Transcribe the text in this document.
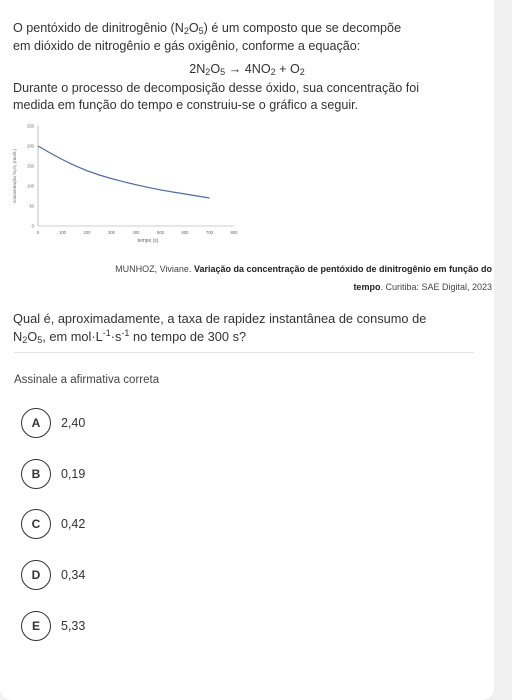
O pentóxido de dinitrogênio $(N_2O_5)$ é um composto que se decompõe
em dióxido de nitrogênio e gás oxigênio, conforme a equação:
$2N_2O_5 \to 4NO_2 + O_2$
Durante o processo de decomposição desse óxido, sua concentração foi
medida em função do tempo e construiu-se o gráfico a seguir.
0	100	200	300	400	500	600	700	800
0
50
100
150
200
250
tempo (s)
concentração N₂O₅ (mol/L)
MUNHOZ, Viviane. Variação da concentração de pentóxido de dinitrogênio em função do
tempo. Curitiba: SAE Digital, 2023
Qual é, aproximadamente, a taxa de rapidez instantânea de consumo de
$N_2O_5$, em $mol\cdot L^{-1}\cdot s^{-1}$ no tempo de 300 s?
Assinale a afirmativa correta
A	2,40
B	0,19
C	0,42
D	0,34
E	5,33
